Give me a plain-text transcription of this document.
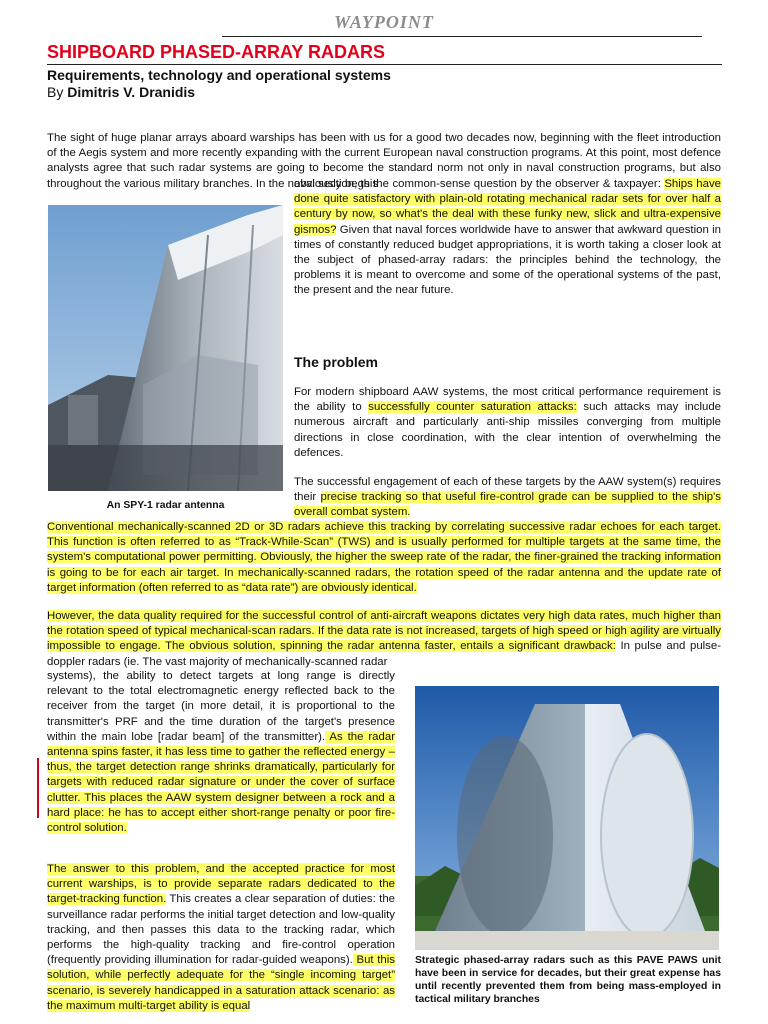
WAYPOINT
SHIPBOARD PHASED-ARRAY RADARS
Requirements, technology and operational systems
By Dimitris V. Dranidis

The sight of huge planar arrays aboard warships has been with us for a good two decades now, beginning with the fleet introduction of the Aegis system and more recently expanding with the current European naval construction programs. At this point, most defence analysts agree that such radar systems are going to become the standard norm not only in naval construction programs, but also throughout the various military branches. In the naval section, this

An SPY-1 radar antenna

obviously begs the common-sense question by the observer & taxpayer: Ships have done quite satisfactory with plain-old rotating mechanical radar sets for over half a century by now, so what's the deal with these funky new, slick and ultra-expensive gismos? Given that naval forces worldwide have to answer that awkward question in times of constantly reduced budget appropriations, it is worth taking a closer look at the subject of phased-array radars: the principles behind the technology, the problems it is meant to overcome and some of the operational systems of the past, the present and the near future.

The problem

For modern shipboard AAW systems, the most critical performance requirement is the ability to successfully counter saturation attacks: such attacks may include numerous aircraft and particularly anti-ship missiles converging from multiple directions in close coordination, with the clear intention of overwhelming the defences.

The successful engagement of each of these targets by the AAW system(s) requires their precise tracking so that useful fire-control grade can be supplied to the ship's overall combat system.

Conventional mechanically-scanned 2D or 3D radars achieve this tracking by correlating successive radar echoes for each target. This function is often referred to as “Track-While-Scan” (TWS) and is usually performed for multiple targets at the same time, the system's computational power permitting. Obviously, the higher the sweep rate of the radar, the finer-grained the tracking information is going to be for each air target. In mechanically-scanned radars, the rotation speed of the radar antenna and the update rate of target information (often referred to as “data rate”) are obviously identical.

However, the data quality required for the successful control of anti-aircraft weapons dictates very high data rates, much higher than the rotation speed of typical mechanical-scan radars. If the data rate is not increased, targets of high speed or high agility are virtually impossible to engage. The obvious solution, spinning the radar antenna faster, entails a significant drawback: In pulse and pulse-doppler radars (ie. The vast majority of mechanically-scanned radar

systems), the ability to detect targets at long range is directly relevant to the total electromagnetic energy reflected back to the receiver from the target (in more detail, it is proportional to the transmitter's PRF and the time duration of the target's presence within the main lobe [radar beam] of the transmitter). As the radar antenna spins faster, it has less time to gather the reflected energy – thus, the target detection range shrinks dramatically, particularly for targets with reduced radar signature or under the cover of surface clutter. This places the AAW system designer between a rock and a hard place: he has to accept either short-range penalty or poor fire-control solution.

The answer to this problem, and the accepted practice for most current warships, is to provide separate radars dedicated to the target-tracking function. This creates a clear separation of duties: the surveillance radar performs the initial target detection and low-quality tracking, and then passes this data to the tracking radar, which performs the high-quality tracking and fire-control operation (frequently providing illumination for radar-guided weapons). But this solution, while perfectly adequate for the “single incoming target” scenario, is severely handicapped in a saturation attack scenario: as the maximum multi-target ability is equal

Strategic phased-array radars such as this PAVE PAWS unit have been in service for decades, but their great expense has until recently prevented them from being mass-employed in tactical military branches
